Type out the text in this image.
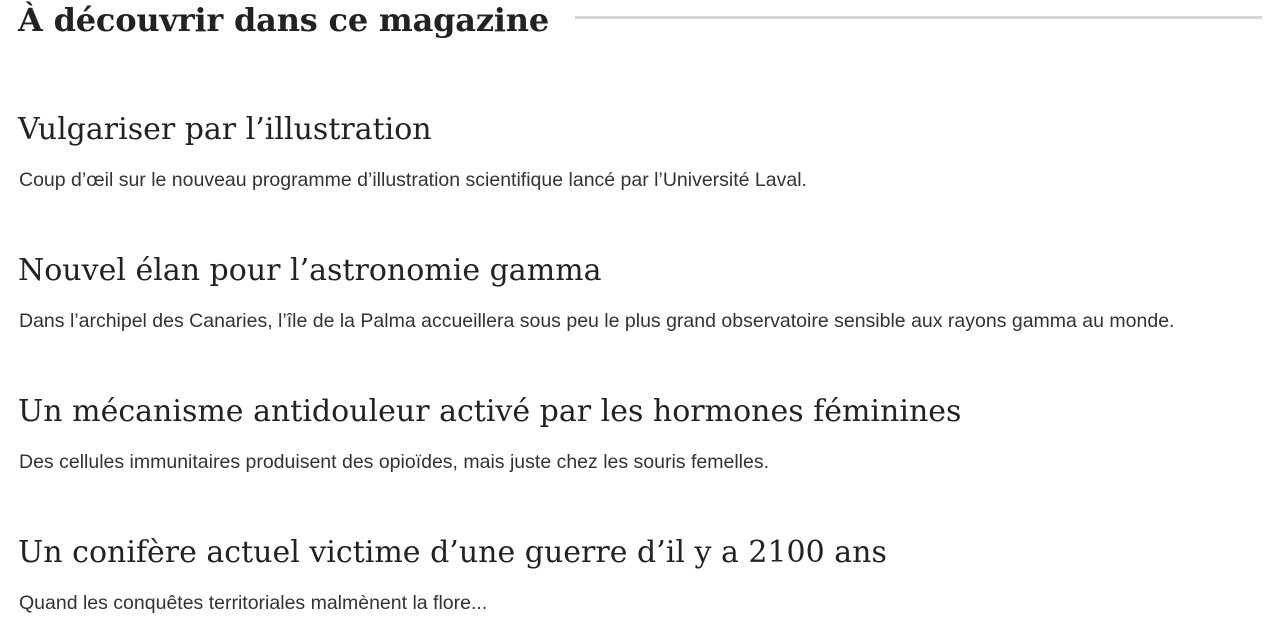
À découvrir dans ce magazine
Vulgariser par l’illustration

Coup d’œil sur le nouveau programme d’illustration scientifique lancé par l’Université Laval.

Nouvel élan pour l’astronomie gamma

Dans l’archipel des Canaries, l’île de la Palma accueillera sous peu le plus grand observatoire sensible aux rayons gamma au monde.

Un mécanisme antidouleur activé par les hormones féminines

Des cellules immunitaires produisent des opioïdes, mais juste chez les souris femelles.

Un conifère actuel victime d’une guerre d’il y a 2100 ans

Quand les conquêtes territoriales malmènent la flore...
